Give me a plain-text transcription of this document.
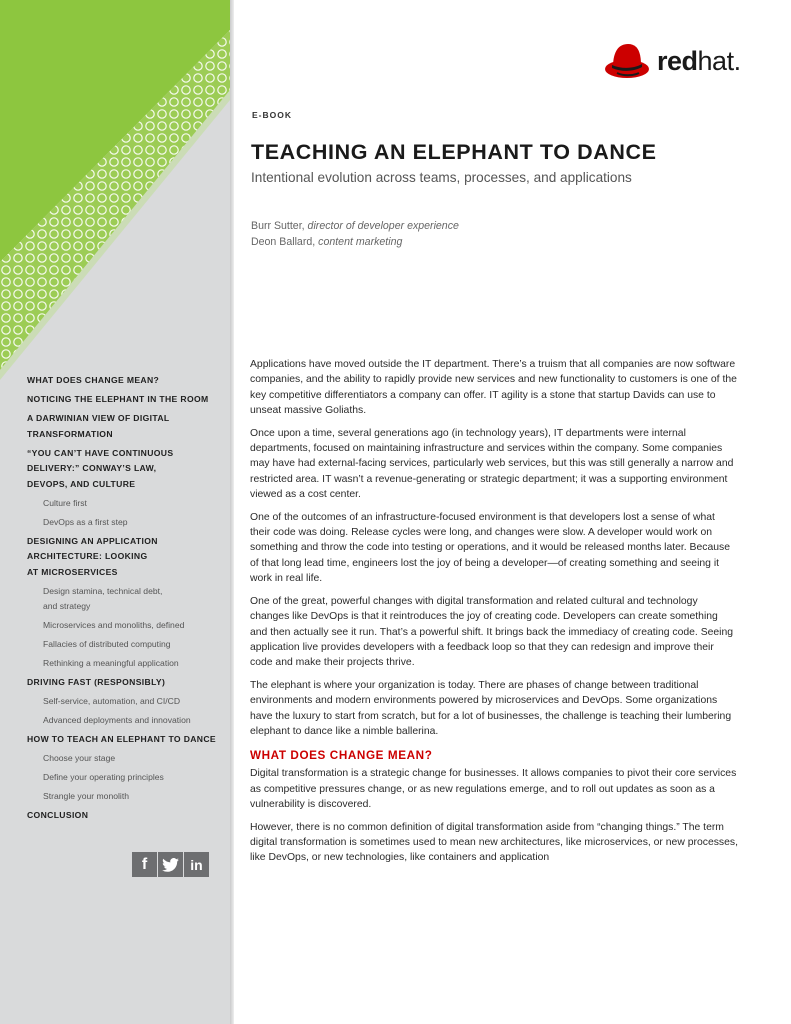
WHAT DOES CHANGE MEAN?
NOTICING THE ELEPHANT IN THE ROOM
A DARWINIAN VIEW OF DIGITAL
TRANSFORMATION
“YOU CAN’T HAVE CONTINUOUS
DELIVERY:” CONWAY’S LAW,
DEVOPS, AND CULTURE
Culture first
DevOps as a first step
DESIGNING AN APPLICATION
ARCHITECTURE: LOOKING
AT MICROSERVICES
Design stamina, technical debt,
and strategy
Microservices and monoliths, defined
Fallacies of distributed computing
Rethinking a meaningful application
DRIVING FAST (RESPONSIBLY)
Self-service, automation, and CI/CD
Advanced deployments and innovation
HOW TO TEACH AN ELEPHANT TO DANCE
Choose your stage
Define your operating principles
Strangle your monolith
CONCLUSION
f	in
redhat.
E-BOOK
TEACHING AN ELEPHANT TO DANCE

Intentional evolution across teams, processes, and applications

Burr Sutter, director of developer experience
Deon Ballard, content marketing

Applications have moved outside the IT department. There’s a truism that all companies are now software companies, and the ability to rapidly provide new services and new functionality to customers is one of the key competitive differentiators a company can offer. IT agility is a stone that startup Davids can use to unseat massive Goliaths.

Once upon a time, several generations ago (in technology years), IT departments were internal departments, focused on maintaining infrastructure and services within the company. Some companies may have had external-facing services, particularly web services, but this was still generally a narrow and restricted area. IT wasn’t a revenue-generating or strategic department; it was a supporting environment viewed as a cost center.

One of the outcomes of an infrastructure-focused environment is that developers lost a sense of what their code was doing. Release cycles were long, and changes were slow. A developer would work on something and throw the code into testing or operations, and it would be released months later. Because of that long lead time, engineers lost the joy of being a developer—of creating something and seeing it work in real life.

One of the great, powerful changes with digital transformation and related cultural and technology changes like DevOps is that it reintroduces the joy of creating code. Developers can create something and then actually see it run. That’s a powerful shift. It brings back the immediacy of creating code. Seeing application live provides developers with a feedback loop so that they can redesign and improve their code and make their projects thrive.

The elephant is where your organization is today. There are phases of change between traditional environments and modern environments powered by microservices and DevOps. Some organizations have the luxury to start from scratch, but for a lot of businesses, the challenge is teaching their lumbering elephant to dance like a nimble ballerina.

WHAT DOES CHANGE MEAN?

Digital transformation is a strategic change for businesses. It allows companies to pivot their core services as competitive pressures change, or as new regulations emerge, and to roll out updates as soon as a vulnerability is discovered.

However, there is no common definition of digital transformation aside from “changing things.” The term digital transformation is sometimes used to mean new architectures, like microservices, or new processes, like DevOps, or new technologies, like containers and application
